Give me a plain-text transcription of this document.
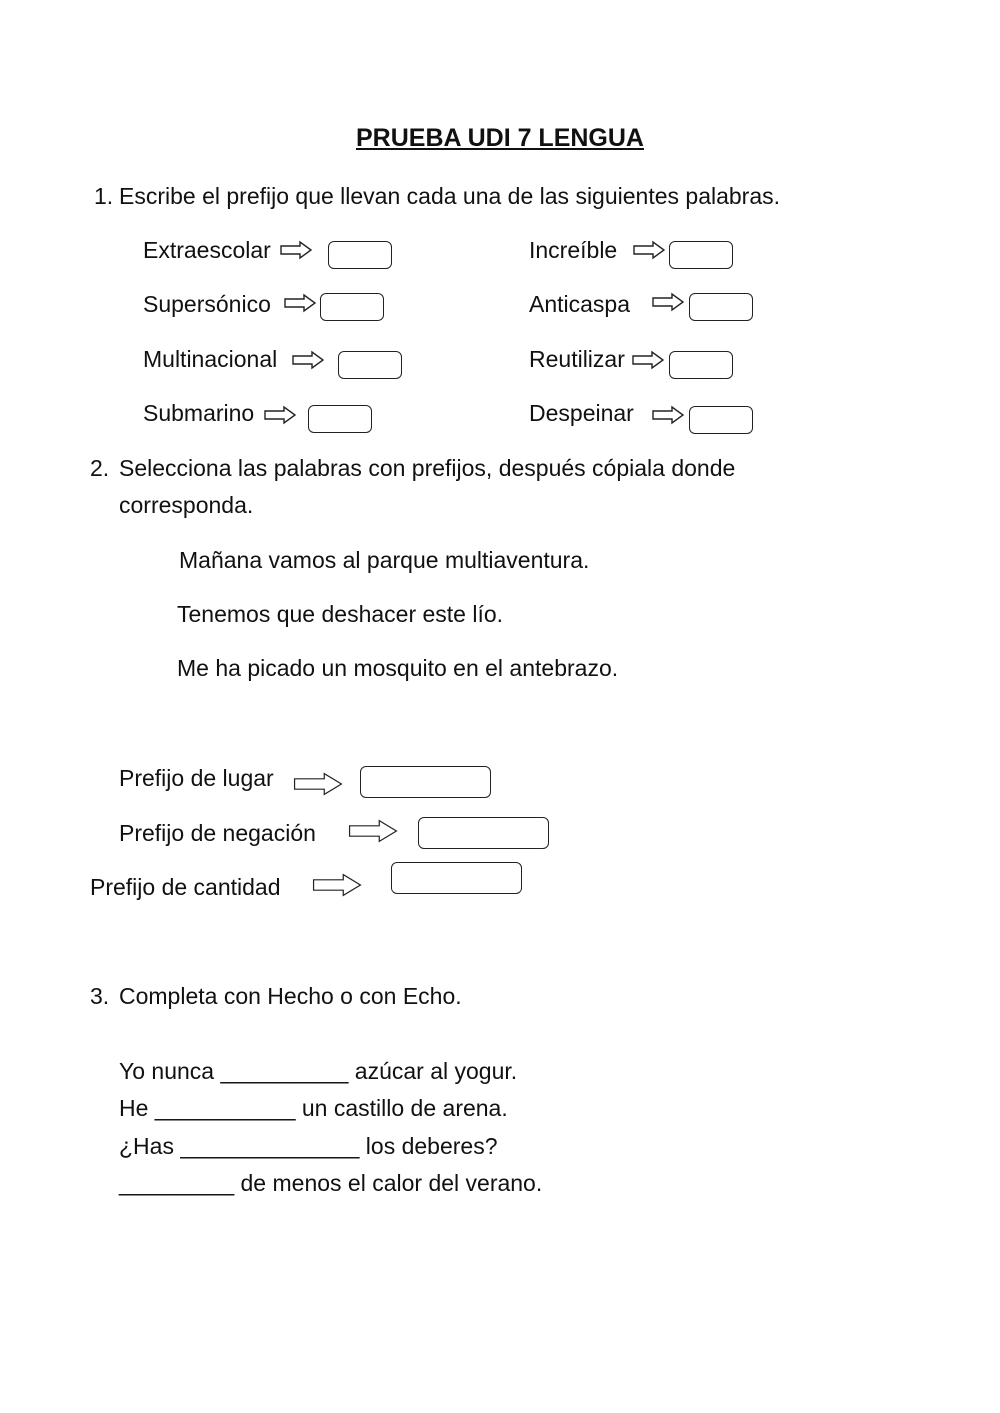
PRUEBA UDI 7 LENGUA
1. Escribe el prefijo que llevan cada una de las siguientes palabras.
Extraescolar
Supersónico
Multinacional
Submarino
Increíble
Anticaspa
Reutilizar
Despeinar
2. Selecciona las palabras con prefijos, después cópiala donde
corresponda.
Mañana vamos al parque multiaventura.
Tenemos que deshacer este lío.
Me ha picado un mosquito en el antebrazo.
Prefijo de lugar
Prefijo de negación
Prefijo de cantidad
3. Completa con Hecho o con Echo.
Yo nunca __________ azúcar al yogur.
He ___________ un castillo de arena.
¿Has ______________ los deberes?
_________ de menos el calor del verano.
